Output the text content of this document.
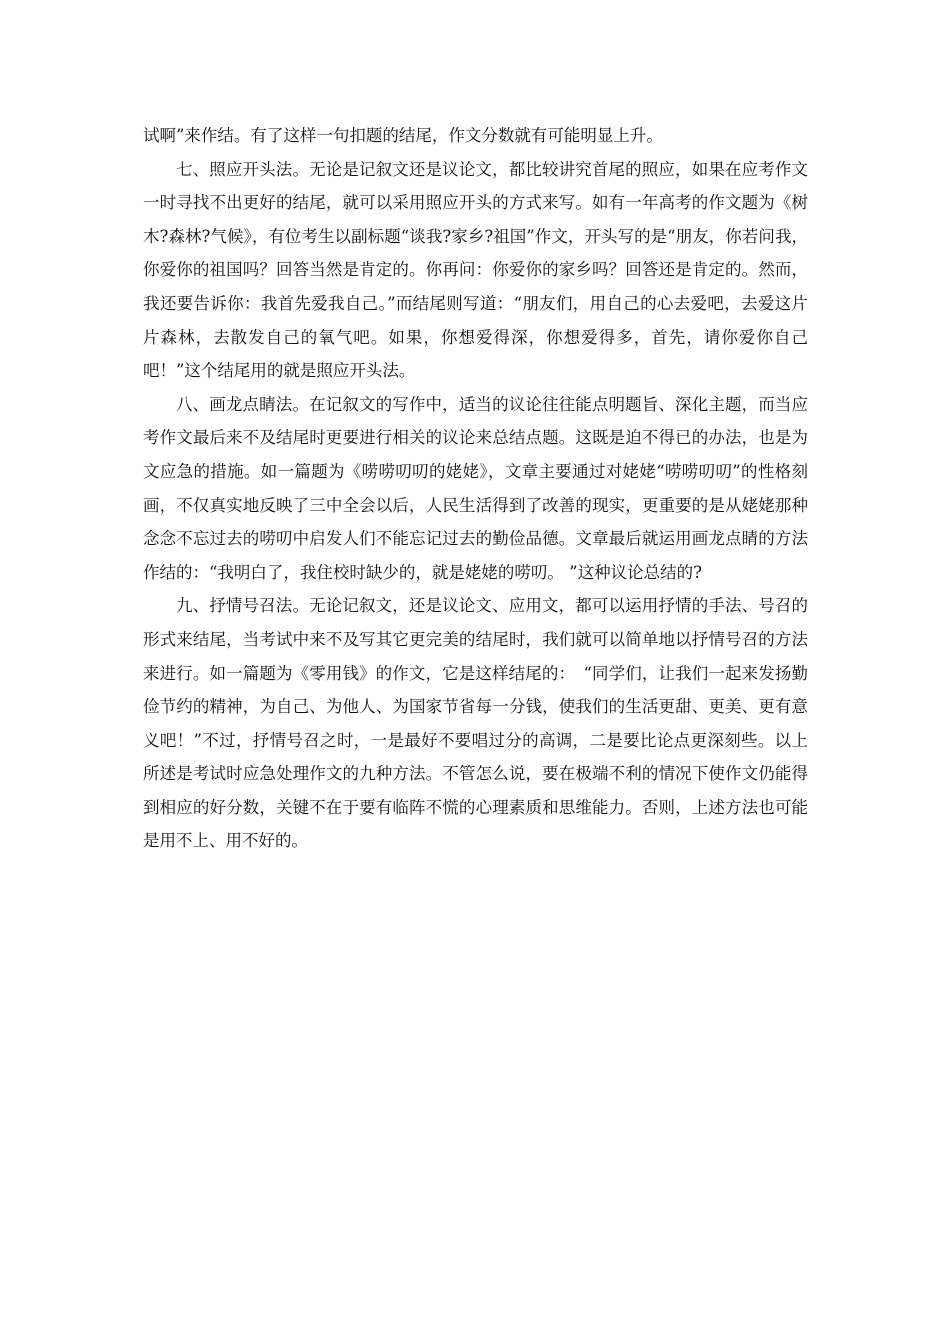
试啊”来作结。有了这样一句扣题的结尾，作文分数就有可能明显上升。

七、照应开头法。无论是记叙文还是议论文，都比较讲究首尾的照应，如果在应考作文一时寻找不出更好的结尾，就可以采用照应开头的方式来写。如有一年高考的作文题为《树木?森林?气候》，有位考生以副标题“谈我?家乡?祖国”作文，开头写的是“朋友，你若问我，你爱你的祖国吗？回答当然是肯定的。你再问：你爱你的家乡吗？回答还是肯定的。然而，我还要告诉你：我首先爱我自己。”而结尾则写道：“朋友们，用自己的心去爱吧，去爱这片片森林，去散发自己的氧气吧。如果，你想爱得深，你想爱得多，首先，请你爱你自己吧！”这个结尾用的就是照应开头法。

八、画龙点睛法。在记叙文的写作中，适当的议论往往能点明题旨、深化主题，而当应考作文最后来不及结尾时更要进行相关的议论来总结点题。这既是迫不得已的办法，也是为文应急的措施。如一篇题为《唠唠叨叨的姥姥》，文章主要通过对姥姥“唠唠叨叨”的性格刻画，不仅真实地反映了三中全会以后，人民生活得到了改善的现实，更重要的是从姥姥那种念念不忘过去的唠叨中启发人们不能忘记过去的勤俭品德。文章最后就运用画龙点睛的方法作结的：“我明白了，我住校时缺少的，就是姥姥的唠叨。 ”这种议论总结的?

九、抒情号召法。无论记叙文，还是议论文、应用文，都可以运用抒情的手法、号召的形式来结尾，当考试中来不及写其它更完美的结尾时，我们就可以简单地以抒情号召的方法来进行。如一篇题为《零用钱》的作文，它是这样结尾的：　“同学们，让我们一起来发扬勤俭节约的精神，为自己、为他人、为国家节省每一分钱，使我们的生活更甜、更美、更有意义吧！”不过，抒情号召之时，一是最好不要唱过分的高调，二是要比论点更深刻些。以上所述是考试时应急处理作文的九种方法。不管怎么说，要在极端不利的情况下使作文仍能得到相应的好分数，关键不在于要有临阵不慌的心理素质和思维能力。否则，上述方法也可能是用不上、用不好的。
